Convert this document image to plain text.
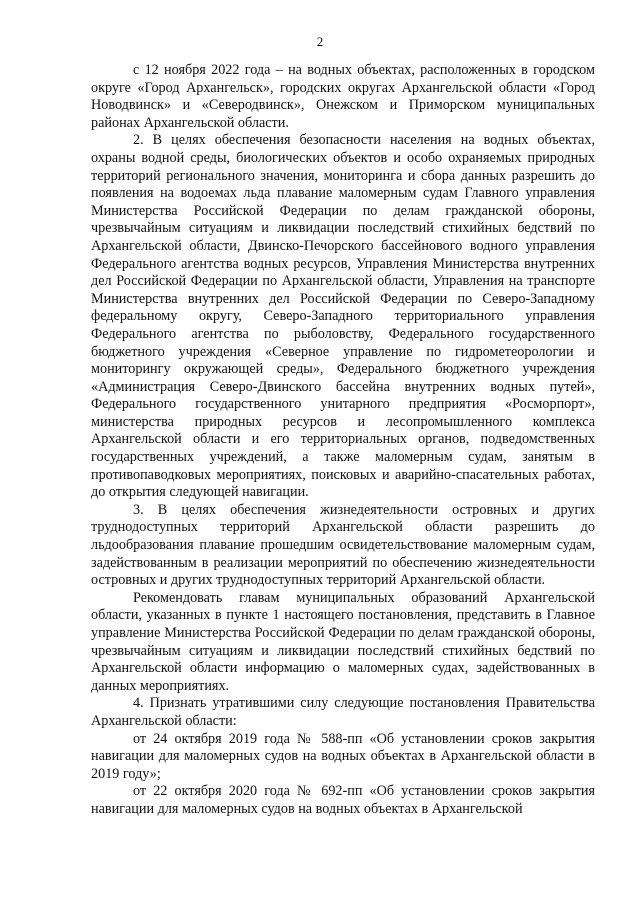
2

с 12 ноября 2022 года – на водных объектах, расположенных в городском округе «Город Архангельск», городских округах Архангельской области «Город Новодвинск» и «Северодвинск», Онежском и Приморском муниципальных районах Архангельской области.

2. В целях обеспечения безопасности населения на водных объектах, охраны водной среды, биологических объектов и особо охраняемых природных территорий регионального значения, мониторинга и сбора данных разрешить до появления на водоемах льда плавание маломерным судам Главного управления Министерства Российской Федерации по делам гражданской обороны, чрезвычайным ситуациям и ликвидации последствий стихийных бедствий по Архангельской области, Двинско-Печорского бассейнового водного управления Федерального агентства водных ресурсов, Управления Министерства внутренних дел Российской Федерации по Архангельской области, Управления на транспорте Министерства внутренних дел Российской Федерации по Северо-Западному федеральному округу, Северо-Западного территориального управления Федерального агентства по рыболовству, Федерального государственного бюджетного учреждения «Северное управление по гидрометеорологии и мониторингу окружающей среды», Федерального бюджетного учреждения «Администрация Северо-Двинского бассейна внутренних водных путей», Федерального государственного унитарного предприятия «Росморпорт», министерства природных ресурсов и лесопромышленного комплекса Архангельской области и его территориальных органов, подведомственных государственных учреждений, а также маломерным судам, занятым в противопаводковых мероприятиях, поисковых и аварийно-спасательных работах, до открытия следующей навигации.

3. В целях обеспечения жизнедеятельности островных и других труднодоступных территорий Архангельской области разрешить до льдообразования плавание прошедшим освидетельствование маломерным судам, задействованным в реализации мероприятий по обеспечению жизнедеятельности островных и других труднодоступных территорий Архангельской области.

Рекомендовать главам муниципальных образований Архангельской области, указанных в пункте 1 настоящего постановления, представить в Главное управление Министерства Российской Федерации по делам гражданской обороны, чрезвычайным ситуациям и ликвидации последствий стихийных бедствий по Архангельской области информацию о маломерных судах, задействованных в данных мероприятиях.

4. Признать утратившими силу следующие постановления Правительства Архангельской области:

от 24 октября 2019 года № 588-пп «Об установлении сроков закрытия навигации для маломерных судов на водных объектах в Архангельской области в 2019 году»;

от 22 октября 2020 года № 692-пп «Об установлении сроков закрытия навигации для маломерных судов на водных объектах в Архангельской
